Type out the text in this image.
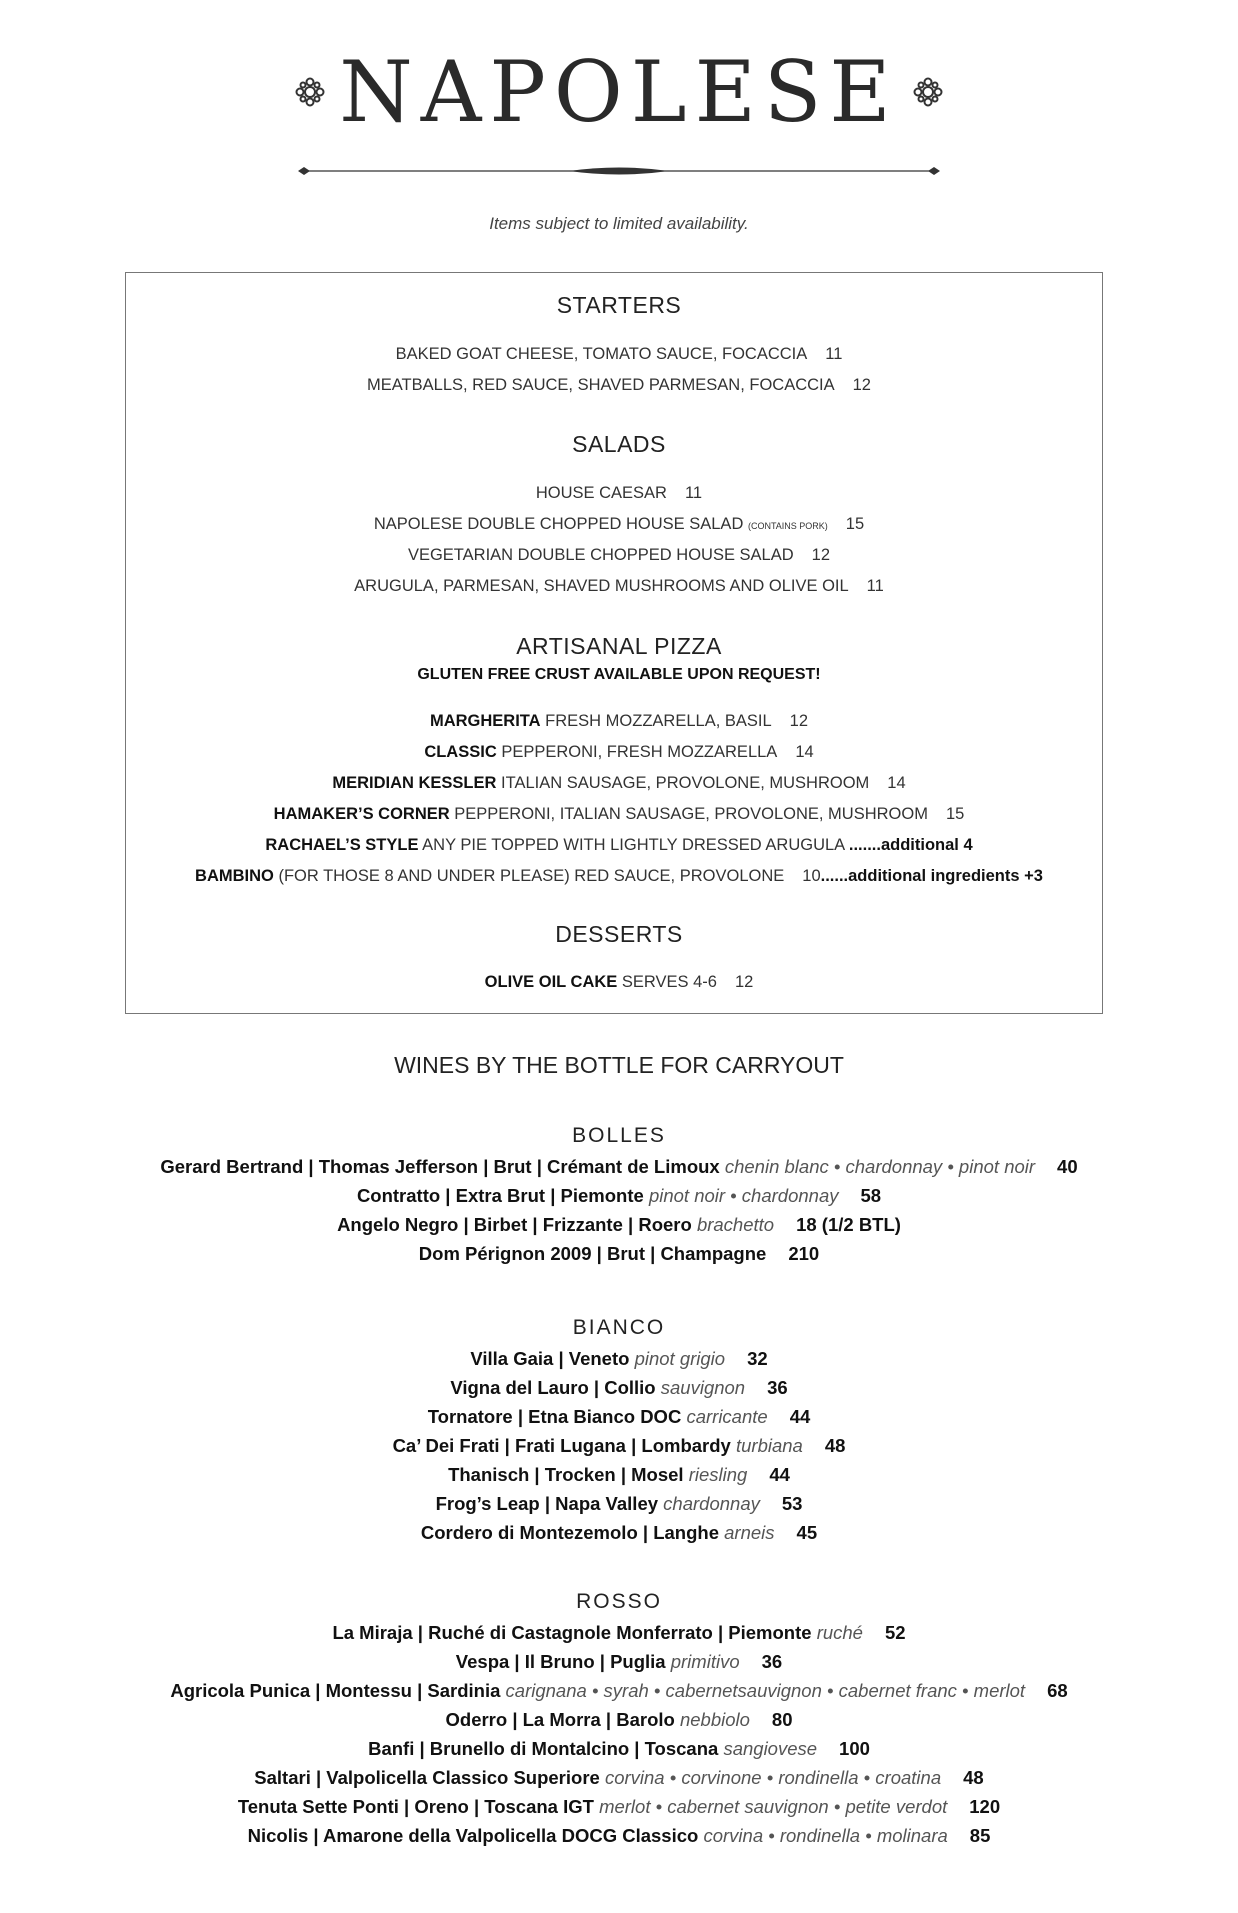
NAPOLESE
Items subject to limited availability.
STARTERS
BAKED GOAT CHEESE, TOMATO SAUCE, FOCACCIA 11
MEATBALLS, RED SAUCE, SHAVED PARMESAN, FOCACCIA 12
SALADS
HOUSE CAESAR 11
NAPOLESE DOUBLE CHOPPED HOUSE SALAD (CONTAINS PORK) 15
VEGETARIAN DOUBLE CHOPPED HOUSE SALAD 12
ARUGULA, PARMESAN, SHAVED MUSHROOMS AND OLIVE OIL 11
ARTISANAL PIZZA
GLUTEN FREE CRUST AVAILABLE UPON REQUEST!
MARGHERITA FRESH MOZZARELLA, BASIL 12
CLASSIC PEPPERONI, FRESH MOZZARELLA 14
MERIDIAN KESSLER ITALIAN SAUSAGE, PROVOLONE, MUSHROOM 14
HAMAKER’S CORNER PEPPERONI, ITALIAN SAUSAGE, PROVOLONE, MUSHROOM 15
RACHAEL’S STYLE ANY PIE TOPPED WITH LIGHTLY DRESSED ARUGULA .......additional 4
BAMBINO (FOR THOSE 8 AND UNDER PLEASE) RED SAUCE, PROVOLONE 10......additional ingredients +3
DESSERTS
OLIVE OIL CAKE SERVES 4-6 12
WINES BY THE BOTTLE FOR CARRYOUT
BOLLES
Gerard Bertrand | Thomas Jefferson | Brut | Crémant de Limoux chenin blanc • chardonnay • pinot noir 40
Contratto | Extra Brut | Piemonte pinot noir • chardonnay 58
Angelo Negro | Birbet | Frizzante | Roero brachetto 18 (1/2 BTL)
Dom Pérignon 2009 | Brut | Champagne 210
BIANCO
Villa Gaia | Veneto pinot grigio 32
Vigna del Lauro | Collio sauvignon 36
Tornatore | Etna Bianco DOC carricante 44
Ca’ Dei Frati | Frati Lugana | Lombardy turbiana 48
Thanisch | Trocken | Mosel riesling 44
Frog’s Leap | Napa Valley chardonnay 53
Cordero di Montezemolo | Langhe arneis 45
ROSSO
La Miraja | Ruché di Castagnole Monferrato | Piemonte ruché 52
Vespa | Il Bruno | Puglia primitivo 36
Agricola Punica | Montessu | Sardinia carignana • syrah • cabernetsauvignon • cabernet franc • merlot 68
Oderro | La Morra | Barolo nebbiolo 80
Banfi | Brunello di Montalcino | Toscana sangiovese 100
Saltari | Valpolicella Classico Superiore corvina • corvinone • rondinella • croatina 48
Tenuta Sette Ponti | Oreno | Toscana IGT merlot • cabernet sauvignon • petite verdot 120
Nicolis | Amarone della Valpolicella DOCG Classico corvina • rondinella • molinara 85
